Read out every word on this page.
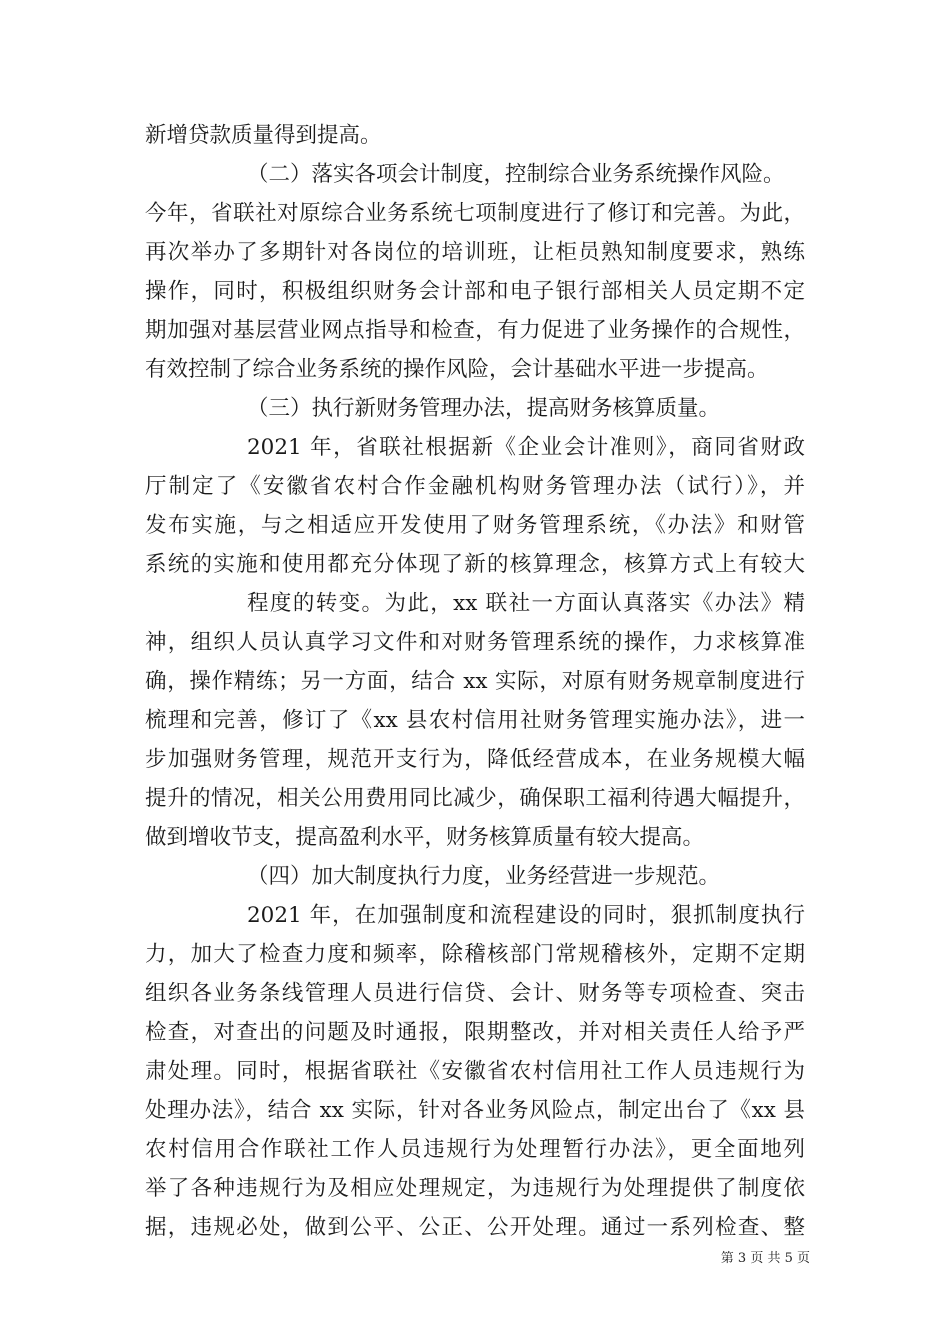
新增贷款质量得到提高。
（二）落实各项会计制度，控制综合业务系统操作风险。
今年，省联社对原综合业务系统七项制度进行了修订和完善。为此，
再次举办了多期针对各岗位的培训班，让柜员熟知制度要求，熟练
操作，同时，积极组织财务会计部和电子银行部相关人员定期不定
期加强对基层营业网点指导和检查，有力促进了业务操作的合规性，
有效控制了综合业务系统的操作风险，会计基础水平进一步提高。
（三）执行新财务管理办法，提高财务核算质量。
2021 年，省联社根据新《企业会计准则》，商同省财政
厅制定了《安徽省农村合作金融机构财务管理办法（试行）》，并
发布实施，与之相适应开发使用了财务管理系统，《办法》和财管
系统的实施和使用都充分体现了新的核算理念，核算方式上有较大
程度的转变。为此，xx 联社一方面认真落实《办法》精
神，组织人员认真学习文件和对财务管理系统的操作，力求核算准
确，操作精练；另一方面，结合 xx 实际，对原有财务规章制度进行
梳理和完善，修订了《xx 县农村信用社财务管理实施办法》，进一
步加强财务管理，规范开支行为，降低经营成本，在业务规模大幅
提升的情况，相关公用费用同比减少，确保职工福利待遇大幅提升，
做到增收节支，提高盈利水平，财务核算质量有较大提高。
（四）加大制度执行力度，业务经营进一步规范。
2021 年，在加强制度和流程建设的同时，狠抓制度执行
力，加大了检查力度和频率，除稽核部门常规稽核外，定期不定期
组织各业务条线管理人员进行信贷、会计、财务等专项检查、突击
检查，对查出的问题及时通报，限期整改，并对相关责任人给予严
肃处理。同时，根据省联社《安徽省农村信用社工作人员违规行为
处理办法》，结合 xx 实际，针对各业务风险点，制定出台了《xx 县
农村信用合作联社工作人员违规行为处理暂行办法》，更全面地列
举了各种违规行为及相应处理规定，为违规行为处理提供了制度依
据，违规必处，做到公平、公正、公开处理。通过一系列检查、整
第 3 页 共 5 页
